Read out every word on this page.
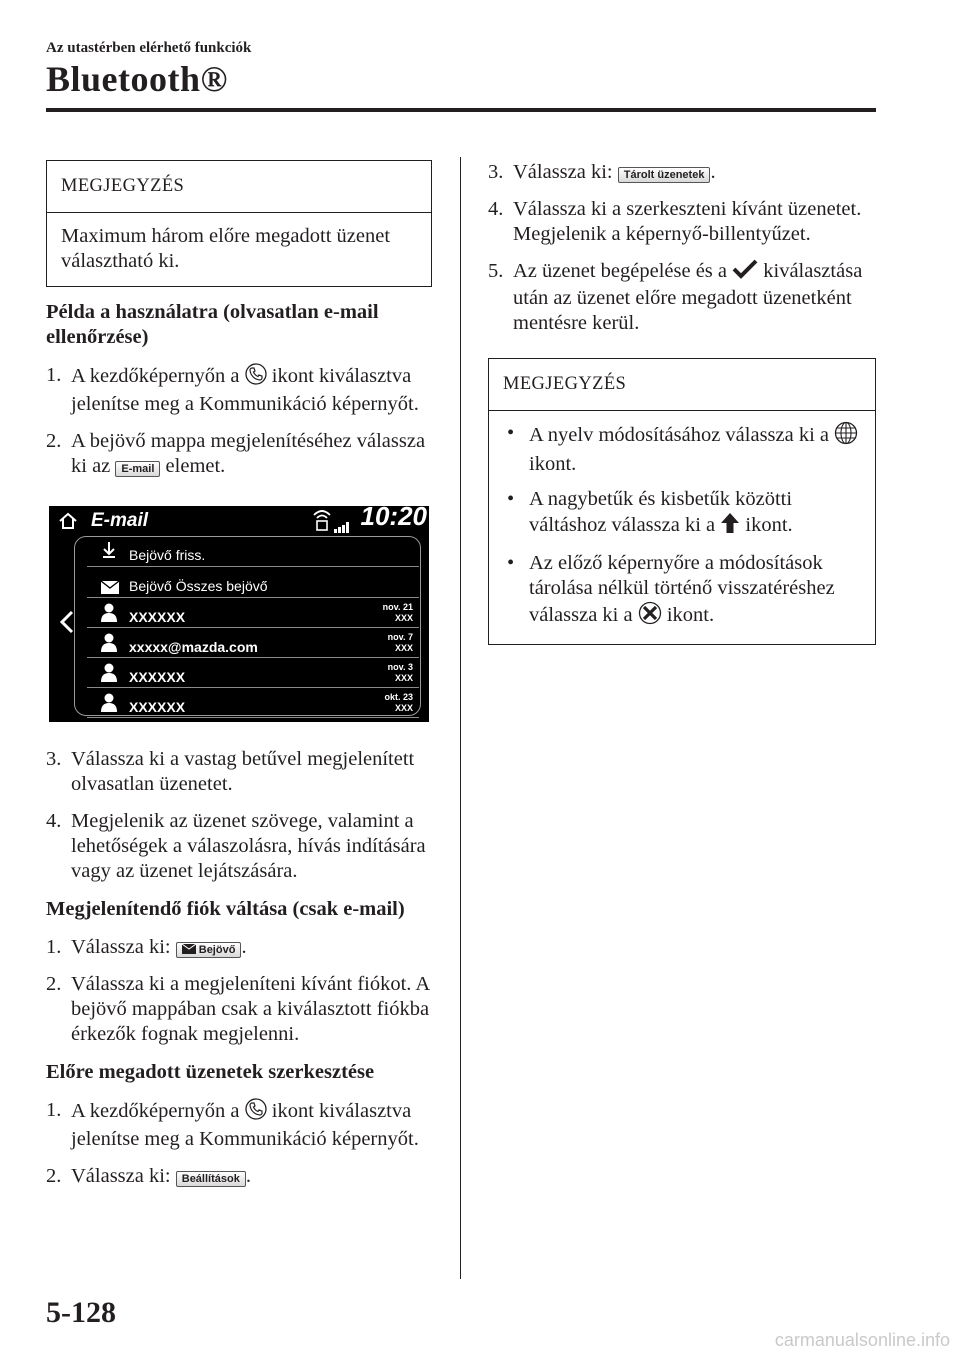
Az utastérben elérhető funkciók
Bluetooth®
MEGJEGYZÉS
Maximum három előre megadott üzenet választható ki.
Példa a használatra (olvasatlan e-mail ellenőrzése)
1. A kezdőképernyőn a ikont kiválasztva jelenítse meg a Kommunikáció képernyőt.
2. A bejövő mappa megjelenítéséhez válassza ki az E-mail elemet.
E-mail	10:20
Bejövő friss.
Bejövő Összes bejövő
XXXXXX
nov. 21
XXX
xxxxx@mazda.com
nov. 7
XXX
XXXXXX
nov. 3
XXX
XXXXXX
okt. 23
XXX
3. Válassza ki a vastag betűvel megjelenített olvasatlan üzenetet.
4. Megjelenik az üzenet szövege, valamint a lehetőségek a válaszolásra, hívás indítására vagy az üzenet lejátszására.
Megjelenítendő fiók váltása (csak e-mail)
1. Válassza ki:	Bejövő .
2. Válassza ki a megjeleníteni kívánt fiókot. A bejövő mappában csak a kiválasztott fiókba érkezők fognak megjelenni.
Előre megadott üzenetek szerkesztése
1. A kezdőképernyőn a ikont kiválasztva jelenítse meg a Kommunikáció képernyőt.
2. Válassza ki: Beállítások .
3. Válassza ki: Tárolt üzenetek .
4. Válassza ki a szerkeszteni kívánt üzenetet. Megjelenik a képernyő-billentyűzet.
5. Az üzenet begépelése és a kiválasztása után az üzenet előre megadott üzenetként mentésre kerül.
MEGJEGYZÉS
• A nyelv módosításához válassza ki a  ikont.
• A nagybetűk és kisbetűk közötti váltáshoz válassza ki a ikont.
• Az előző képernyőre a módosítások tárolása nélkül történő visszatéréshez válassza ki a ikont.
5-128
carmanualsonline.info
